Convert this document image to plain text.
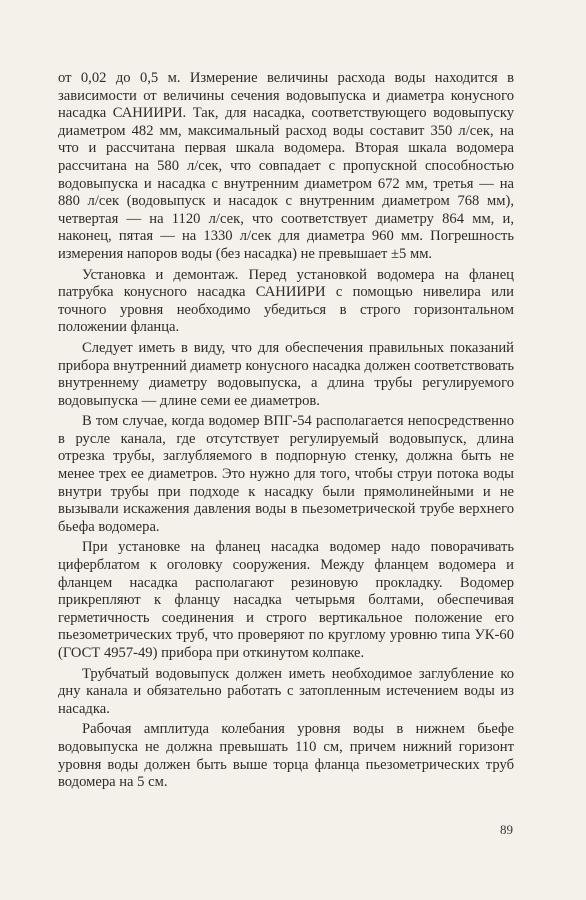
от 0,02 до 0,5 м. Измерение величины расхода воды находится в зависимости от величины сечения водовыпуска и диаметра конусного насадка САНИИРИ. Так, для насадка, соответствующего водовыпуску диаметром 482 мм, максимальный расход воды составит 350 л/сек, на что и рассчитана первая шкала водомера. Вторая шкала водомера рассчитана на 580 л/сек, что совпадает с пропускной способностью водовыпуска и насадка с внутренним диаметром 672 мм, третья — на 880 л/сек (водовыпуск и насадок с внутренним диаметром 768 мм), четвертая — на 1120 л/сек, что соответствует диаметру 864 мм, и, наконец, пятая — на 1330 л/сек для диаметра 960 мм. Погрешность измерения напоров воды (без насадка) не превышает ±5 мм.

Установка и демонтаж. Перед установкой водомера на фланец патрубка конусного насадка САНИИРИ с помощью нивелира или точного уровня необходимо убедиться в строго горизонтальном положении фланца.

Следует иметь в виду, что для обеспечения правильных показаний прибора внутренний диаметр конусного насадка должен соответствовать внутреннему диаметру водовыпуска, а длина трубы регулируемого водовыпуска — длине семи ее диаметров.

В том случае, когда водомер ВПГ-54 располагается непосредственно в русле канала, где отсутствует регулируемый водовыпуск, длина отрезка трубы, заглубляемого в подпорную стенку, должна быть не менее трех ее диаметров. Это нужно для того, чтобы струи потока воды внутри трубы при подходе к насадку были прямолинейными и не вызывали искажения давления воды в пьезометрической трубе верхнего бьефа водомера.

При установке на фланец насадка водомер надо поворачивать циферблатом к оголовку сооружения. Между фланцем водомера и фланцем насадка располагают резиновую прокладку. Водомер прикрепляют к фланцу насадка четырьмя болтами, обеспечивая герметичность соединения и строго вертикальное положение его пьезометрических труб, что проверяют по круглому уровню типа УК-60 (ГОСТ 4957-49) прибора при откинутом колпаке.

Трубчатый водовыпуск должен иметь необходимое заглубление ко дну канала и обязательно работать с затопленным истечением воды из насадка.

Рабочая амплитуда колебания уровня воды в нижнем бьефе водовыпуска не должна превышать 110 см, причем нижний горизонт уровня воды должен быть выше торца фланца пьезометрических труб водомера на 5 см.

89
